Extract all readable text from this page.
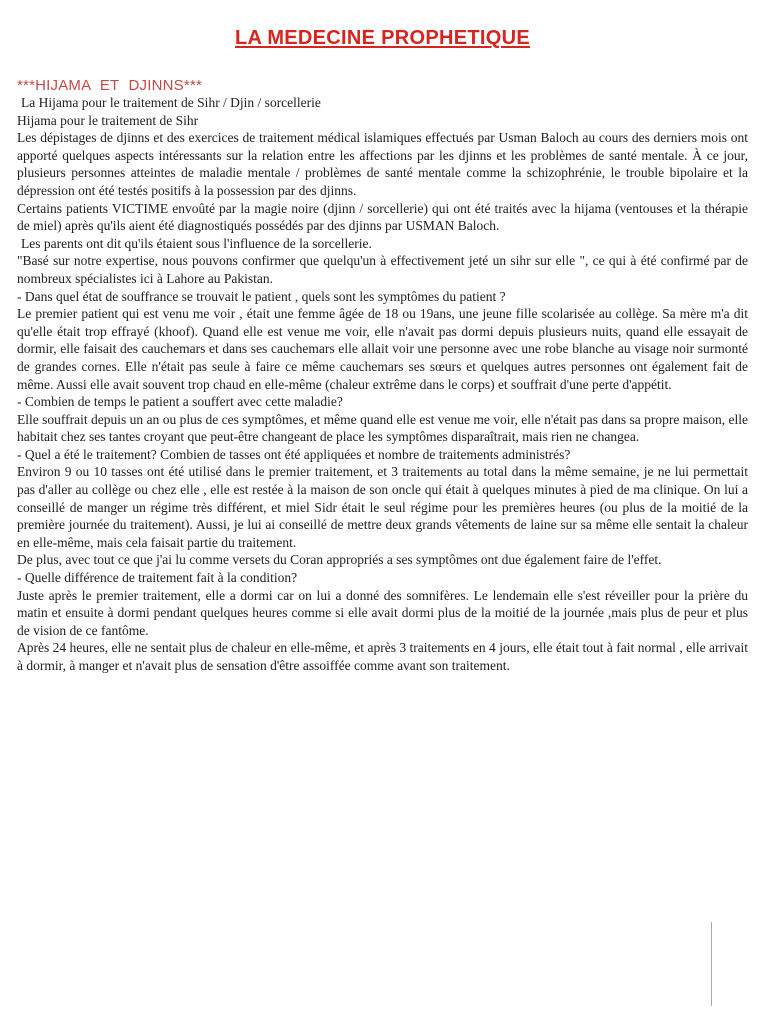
LA MEDECINE PROPHETIQUE
***HIJAMA ET DJINNS***

La Hijama pour le traitement de Sihr / Djin / sorcellerie

Hijama pour le traitement de Sihr

Les dépistages de djinns et des exercices de traitement médical islamiques effectués par Usman Baloch au cours des derniers mois ont apporté quelques aspects intéressants sur la relation entre les affections par les djinns et les problèmes de santé mentale. À ce jour, plusieurs personnes atteintes de maladie mentale / problèmes de santé mentale comme la schizophrénie, le trouble bipolaire et la dépression ont été testés positifs à la possession par des djinns.

Certains patients VICTIME envoûté par la magie noire (djinn / sorcellerie) qui ont été traités avec la hijama (ventouses et la thérapie de miel) après qu'ils aient été diagnostiqués possédés par des djinns par USMAN Baloch.

Les parents ont dit qu'ils étaient sous l'influence de la sorcellerie.

"Basé sur notre expertise, nous pouvons confirmer que quelqu'un à effectivement jeté un sihr sur elle ", ce qui à été confirmé par de nombreux spécialistes ici à Lahore au Pakistan.

- Dans quel état de souffrance se trouvait le patient , quels sont les symptômes du patient ?
Le premier patient qui est venu me voir , était une femme âgée de 18 ou 19ans, une jeune fille scolarisée au collège. Sa mère m'a dit qu'elle était trop effrayé (khoof). Quand elle est venue me voir, elle n'avait pas dormi depuis plusieurs nuits, quand elle essayait de dormir, elle faisait des cauchemars et dans ses cauchemars elle allait voir une personne avec une robe blanche au visage noir surmonté de grandes cornes. Elle n'était pas seule à faire ce même cauchemars ses sœurs et quelques autres personnes ont également fait de même. Aussi elle avait souvent trop chaud en elle-même (chaleur extrême dans le corps) et souffrait d'une perte d'appétit.

- Combien de temps le patient a souffert avec cette maladie?

Elle souffrait depuis un an ou plus de ces symptômes, et même quand elle est venue me voir, elle n'était pas dans sa propre maison, elle habitait chez ses tantes croyant que peut-être changeant de place les symptômes disparaîtrait, mais rien ne changea.

- Quel a été le traitement? Combien de tasses ont été appliquées et nombre de traitements administrés?

Environ 9 ou 10 tasses ont été utilisé dans le premier traitement, et 3 traitements au total dans la même semaine, je ne lui permettait pas d'aller au collège ou chez elle , elle est restée à la maison de son oncle qui était à quelques minutes à pied de ma clinique. On lui a conseillé de manger un régime très différent, et miel Sidr était le seul régime pour les premières heures (ou plus de la moitié de la première journée du traitement). Aussi, je lui ai conseillé de mettre deux grands vêtements de laine sur sa même elle sentait la chaleur en elle-même, mais cela faisait partie du traitement.

De plus, avec tout ce que j'ai lu comme versets du Coran appropriés a ses symptômes ont due également faire de l'effet.

- Quelle différence de traitement fait à la condition?

Juste après le premier traitement, elle a dormi car on lui a donné des somnifères. Le lendemain elle s'est réveiller pour la prière du matin et ensuite à dormi pendant quelques heures comme si elle avait dormi plus de la moitié de la journée ,mais plus de peur et plus de vision de ce fantôme.

Après 24 heures, elle ne sentait plus de chaleur en elle-même, et après 3 traitements en 4 jours, elle était tout à fait normal , elle arrivait à dormir, à manger et n'avait plus de sensation d'être assoiffée comme avant son traitement.
